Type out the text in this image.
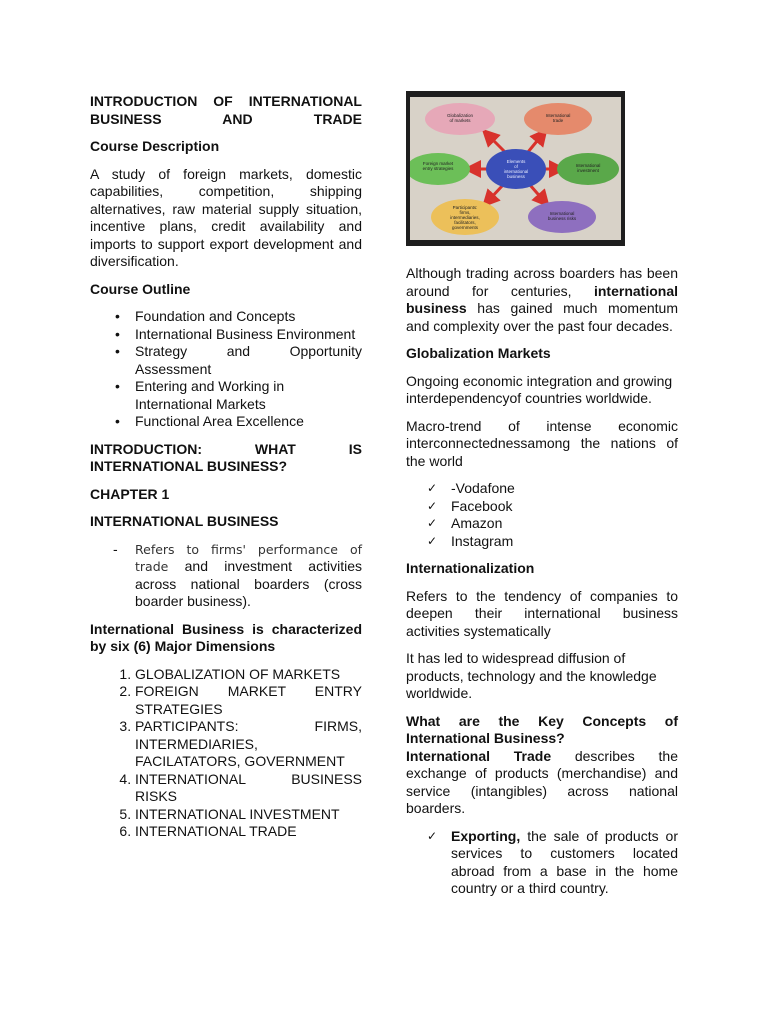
INTRODUCTION OF INTERNATIONAL BUSINESS AND TRADE
Course Description

A study of foreign markets, domestic capabilities, competition, shipping alternatives, raw material supply situation, incentive plans, credit availability and imports to support export development and diversification.

Course Outline
• Foundation and Concepts
• International Business Environment
• Strategy and Opportunity Assessment
• Entering and Working in International Markets
• Functional Area Excellence
INTRODUCTION: WHAT IS INTERNATIONAL BUSINESS?
CHAPTER 1
INTERNATIONAL BUSINESS
- Refers to firms' performance of trade and investment activities across national boarders (cross boarder business).
International Business is characterized by six (6) Major Dimensions
1. GLOBALIZATION OF MARKETS
2. FOREIGN MARKET ENTRY STRATEGIES
3. PARTICIPANTS: FIRMS, INTERMEDIARIES, FACILATATORS, GOVERNMENT
4. INTERNATIONAL BUSINESS RISKS
5. INTERNATIONAL INVESTMENT
6. INTERNATIONAL TRADE
Elements of international business
Globalization of markets
International trade
International investment
International business risks
Participants: firms, intermediaries, facilitators, governments
Foreign market entry strategies

Although trading across boarders has been around for centuries, international business has gained much momentum and complexity over the past four decades.

Globalization Markets

Ongoing economic integration and growing interdependencyof countries worldwide.

Macro-trend of intense economic interconnectednessamong the nations of the world

✓ -Vodafone
✓ Facebook
✓ Amazon
✓ Instagram
Internationalization

Refers to the tendency of companies to deepen their international business activities systematically

It has led to widespread diffusion of products, technology and the knowledge worldwide.

What are the Key Concepts of International Business?

International Trade describes the exchange of products (merchandise) and service (intangibles) across national boarders.

✓ Exporting, the sale of products or services to customers located abroad from a base in the home country or a third country.
